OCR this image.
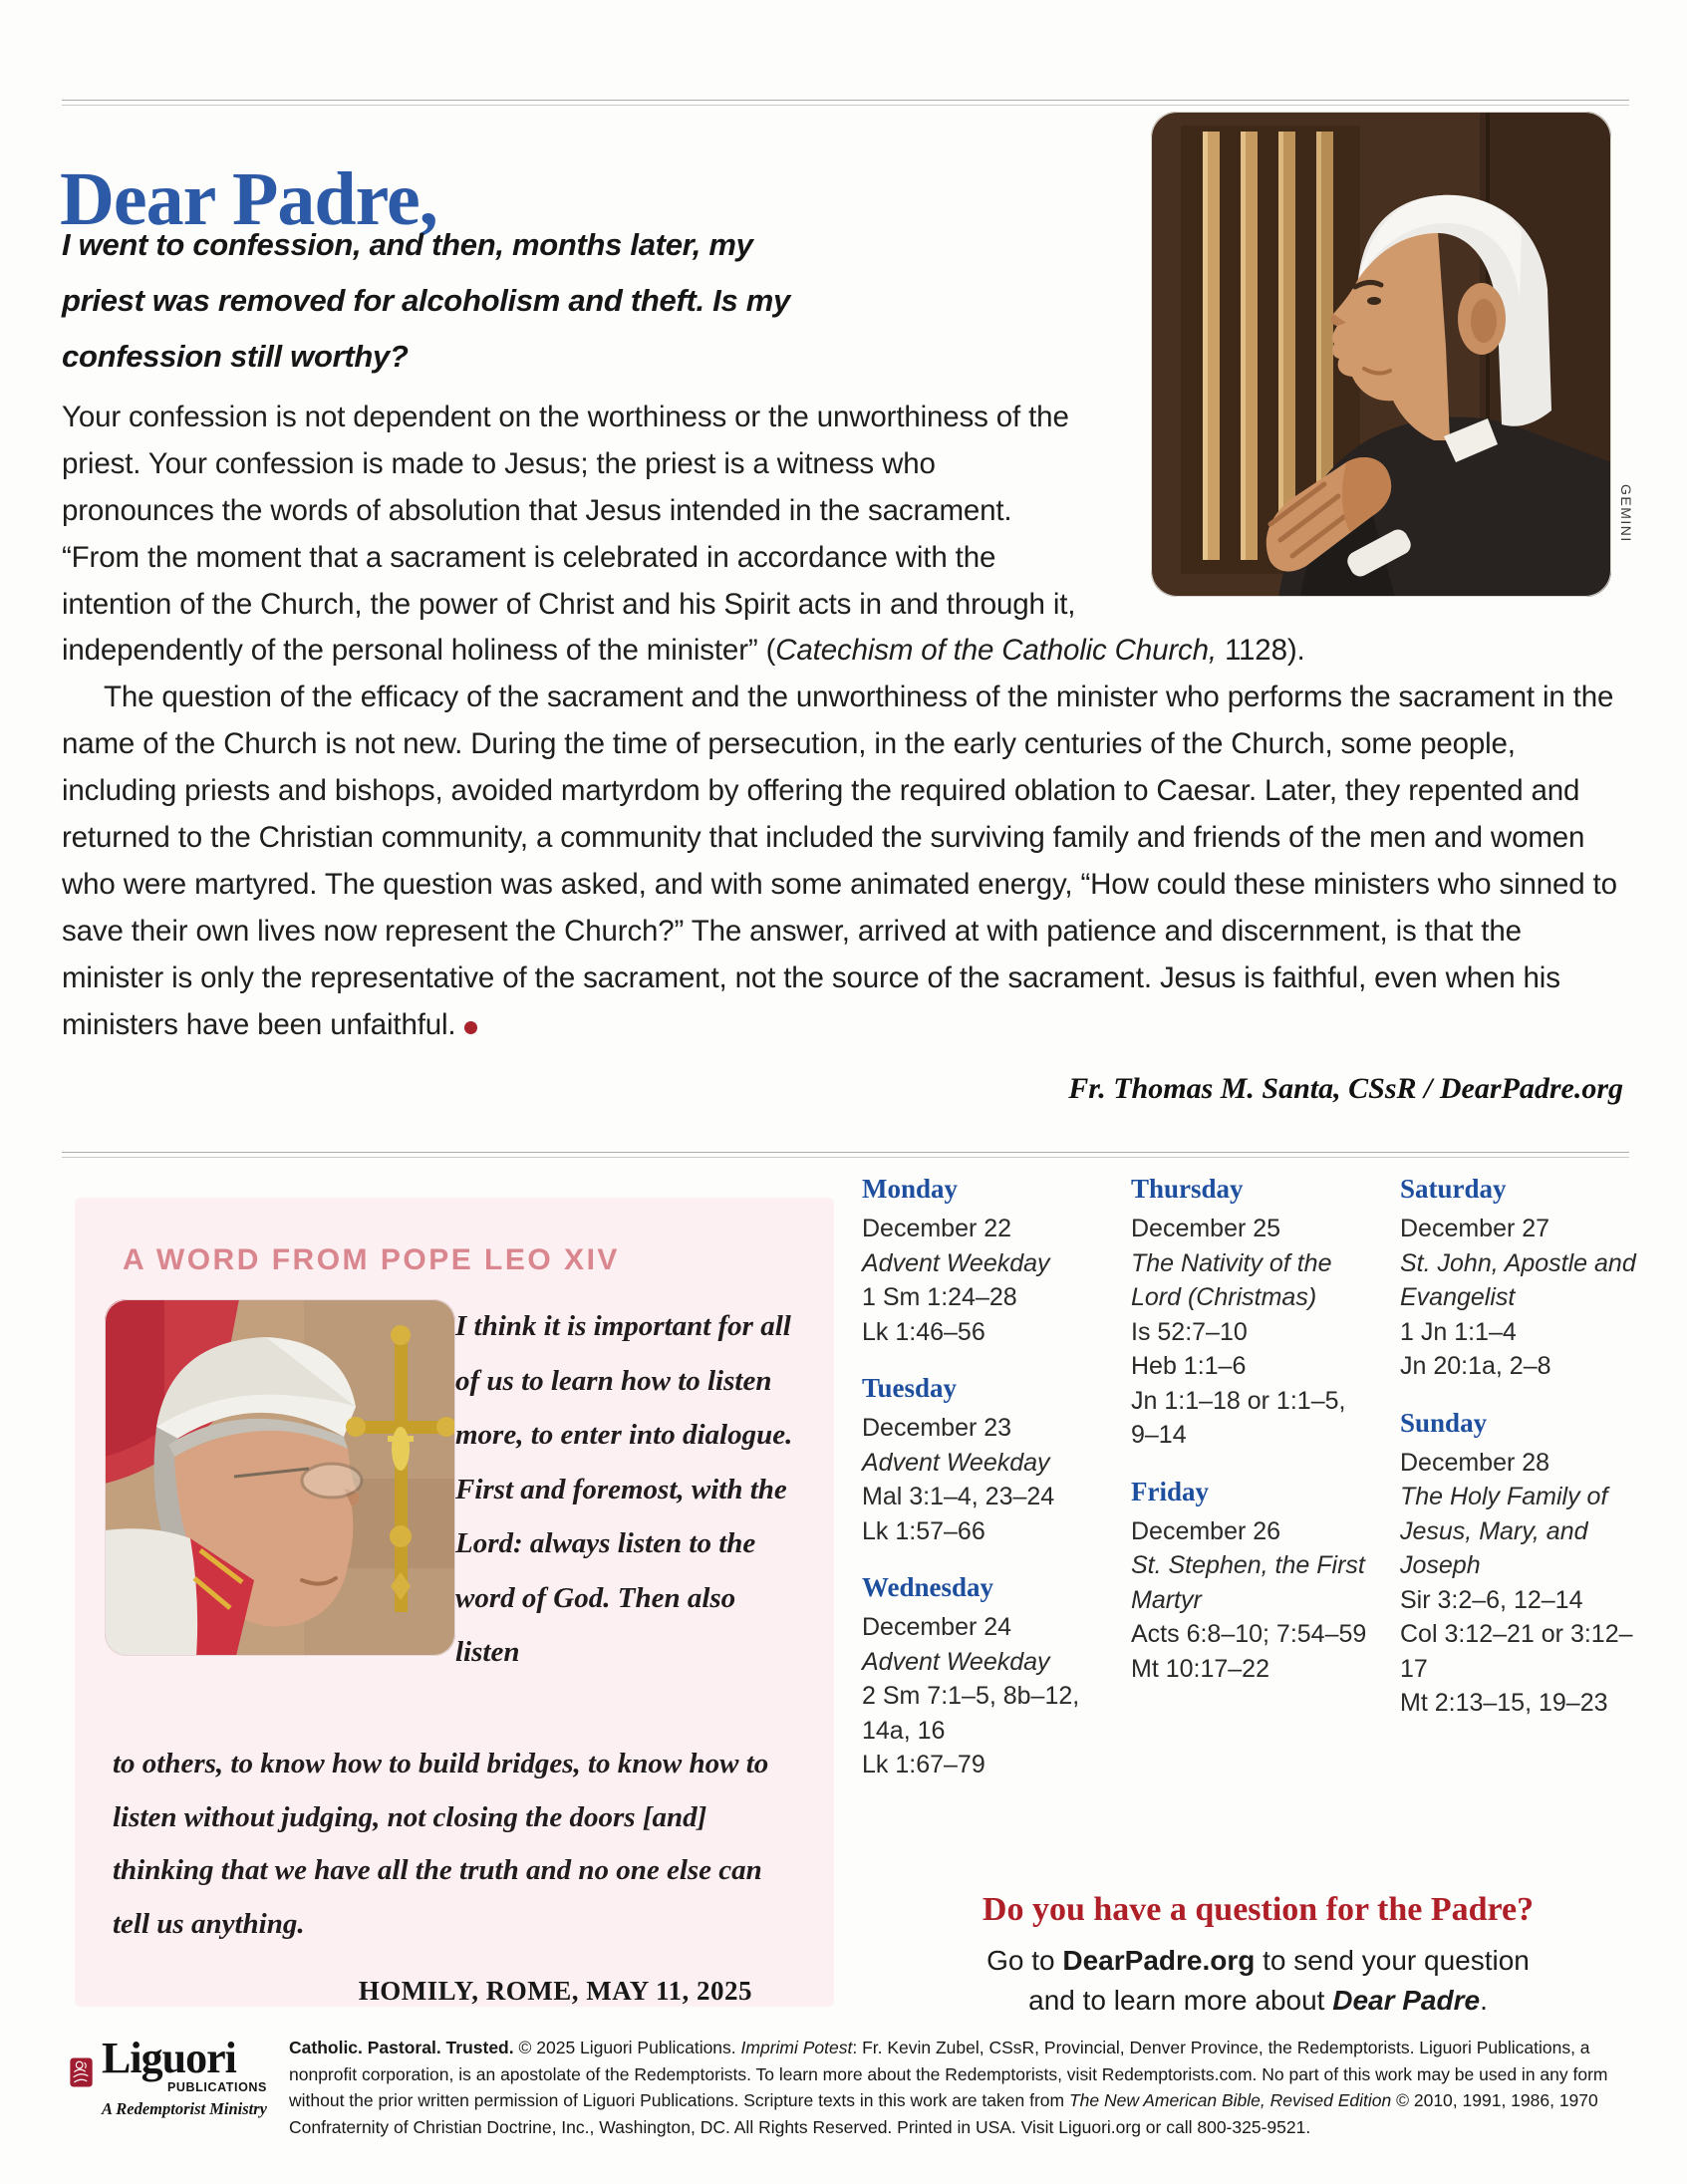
Dear Padre,
I went to confession, and then, months later, my priest was removed for alcoholism and theft. Is my confession still worthy?
GEMINI

Your confession is not dependent on the worthiness or the unworthiness of the priest. Your confession is made to Jesus; the priest is a witness who pronounces the words of absolution that Jesus intended in the sacrament. “From the moment that a sacrament is celebrated in accordance with the intention of the Church, the power of Christ and his Spirit acts in and through it, independently of the personal holiness of the minister” (Catechism of the Catholic Church, 1128).

The question of the efficacy of the sacrament and the unworthiness of the minister who performs the sacrament in the name of the Church is not new. During the time of persecution, in the early centuries of the Church, some people, including priests and bishops, avoided martyrdom by offering the required oblation to Caesar. Later, they repented and returned to the Christian community, a community that included the surviving family and friends of the men and women who were martyred. The question was asked, and with some animated energy, “How could these ministers who sinned to save their own lives now represent the Church?” The answer, arrived at with patience and discernment, is that the minister is only the representative of the sacrament, not the source of the sacrament. Jesus is faithful, even when his ministers have been unfaithful.

Fr. Thomas M. Santa, CSsR / DearPadre.org
A WORD FROM POPE LEO XIV

I think it is important for all of us to learn how to listen more, to enter into dialogue. First and foremost, with the Lord: always listen to the word of God. Then also listen

to others, to know how to build bridges, to know how to listen without judging, not closing the doors [and] thinking that we have all the truth and no one else can tell us anything.

HOMILY, ROME, MAY 11, 2025
Monday
December 22
Advent Weekday
1 Sm 1:24–28
Lk 1:46–56
Tuesday
December 23
Advent Weekday
Mal 3:1–4, 23–24
Lk 1:57–66
Wednesday
December 24
Advent Weekday
2 Sm 7:1–5, 8b–12, 14a, 16
Lk 1:67–79
Thursday
December 25
The Nativity of the Lord (Christmas)
Is 52:7–10
Heb 1:1–6
Jn 1:1–18 or 1:1–5, 9–14
Friday
December 26
St. Stephen, the First Martyr
Acts 6:8–10; 7:54–59
Mt 10:17–22
Saturday
December 27
St. John, Apostle and Evangelist
1 Jn 1:1–4
Jn 20:1a, 2–8
Sunday
December 28
The Holy Family of Jesus, Mary, and Joseph
Sir 3:2–6, 12–14
Col 3:12–21 or 3:12–17
Mt 2:13–15, 19–23
Do you have a question for the Padre?
Go to DearPadre.org to send your question
and to learn more about Dear Padre.
Liguori
PUBLICATIONS
A Redemptorist Ministry
Catholic. Pastoral. Trusted. © 2025 Liguori Publications. Imprimi Potest: Fr. Kevin Zubel, CSsR, Provincial, Denver Province, the Redemptorists. Liguori Publications, a nonprofit corporation, is an apostolate of the Redemptorists. To learn more about the Redemptorists, visit Redemptorists.com. No part of this work may be used in any form without the prior written permission of Liguori Publications. Scripture texts in this work are taken from The New American Bible, Revised Edition © 2010, 1991, 1986, 1970 Confraternity of Christian Doctrine, Inc., Washington, DC. All Rights Reserved. Printed in USA. Visit Liguori.org or call 800-325-9521.
